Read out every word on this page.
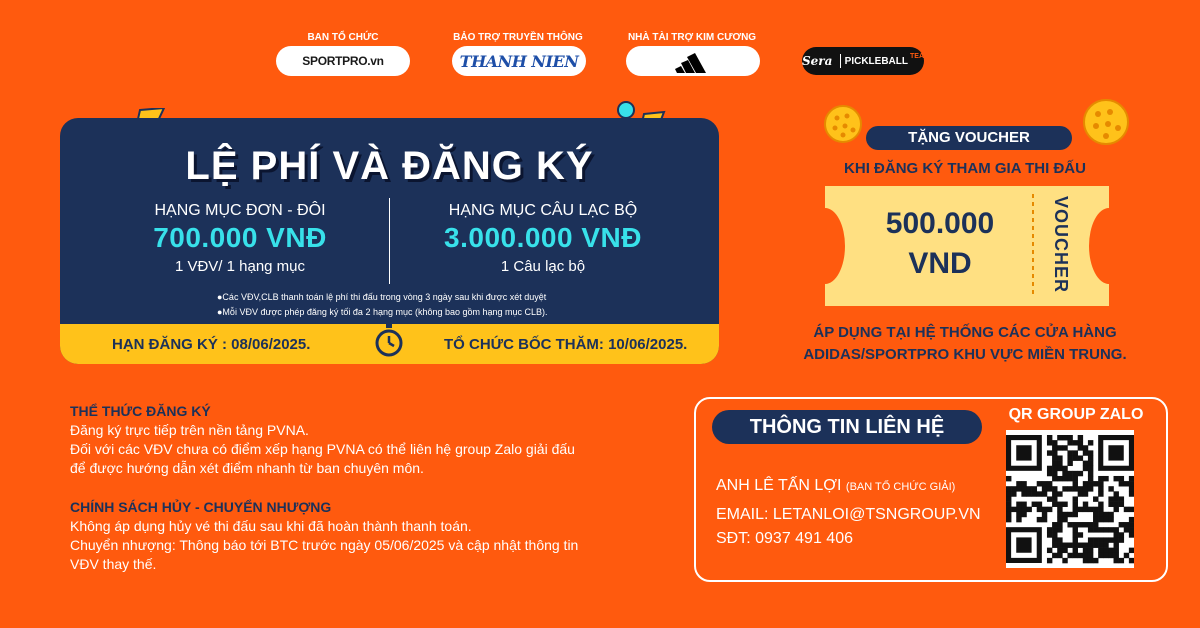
BAN TỔ CHỨC
SPORTPRO.vn
BẢO TRỢ TRUYỀN THÔNG
THANH NIEN
NHÀ TÀI TRỢ KIM CƯƠNG
Sera PICKLEBALL TEA
LỆ PHÍ VÀ ĐĂNG KÝ
HẠNG MỤC ĐƠN - ĐÔI
700.000 VNĐ
1 VĐV/ 1 hạng mục
HẠNG MỤC CÂU LẠC BỘ
3.000.000 VNĐ
1 Câu lạc bộ
●Các VĐV,CLB thanh toán lệ phí thi đấu trong vòng 3 ngày sau khi được xét duyệt
●Mỗi VĐV được phép đăng ký tối đa 2 hạng mục (không bao gồm hạng mục CLB).
HẠN ĐĂNG KÝ : 08/06/2025.	TỔ CHỨC BỐC THĂM: 10/06/2025.
TẶNG VOUCHER
KHI ĐĂNG KÝ THAM GIA THI ĐẤU
500.000
VND	VOUCHER
ÁP DỤNG TẠI HỆ THỐNG CÁC CỬA HÀNG
ADIDAS/SPORTPRO KHU VỰC MIỀN TRUNG.
THỂ THỨC ĐĂNG KÝ
Đăng ký trực tiếp trên nền tảng PVNA.
Đối với các VĐV chưa có điểm xếp hạng PVNA có thể liên hệ group Zalo giải đấu
để được hướng dẫn xét điểm nhanh từ ban chuyên môn.
CHÍNH SÁCH HỦY - CHUYỂN NHƯỢNG
Không áp dụng hủy vé thi đấu sau khi đã hoàn thành thanh toán.
Chuyển nhượng: Thông báo tới BTC trước ngày 05/06/2025 và cập nhật thông tin
VĐV thay thế.
THÔNG TIN LIÊN HỆ
ANH LÊ TẤN LỢI (BAN TỔ CHỨC GIẢI)
EMAIL: LETANLOI@TSNGROUP.VN
SĐT: 0937 491 406
QR GROUP ZALO
